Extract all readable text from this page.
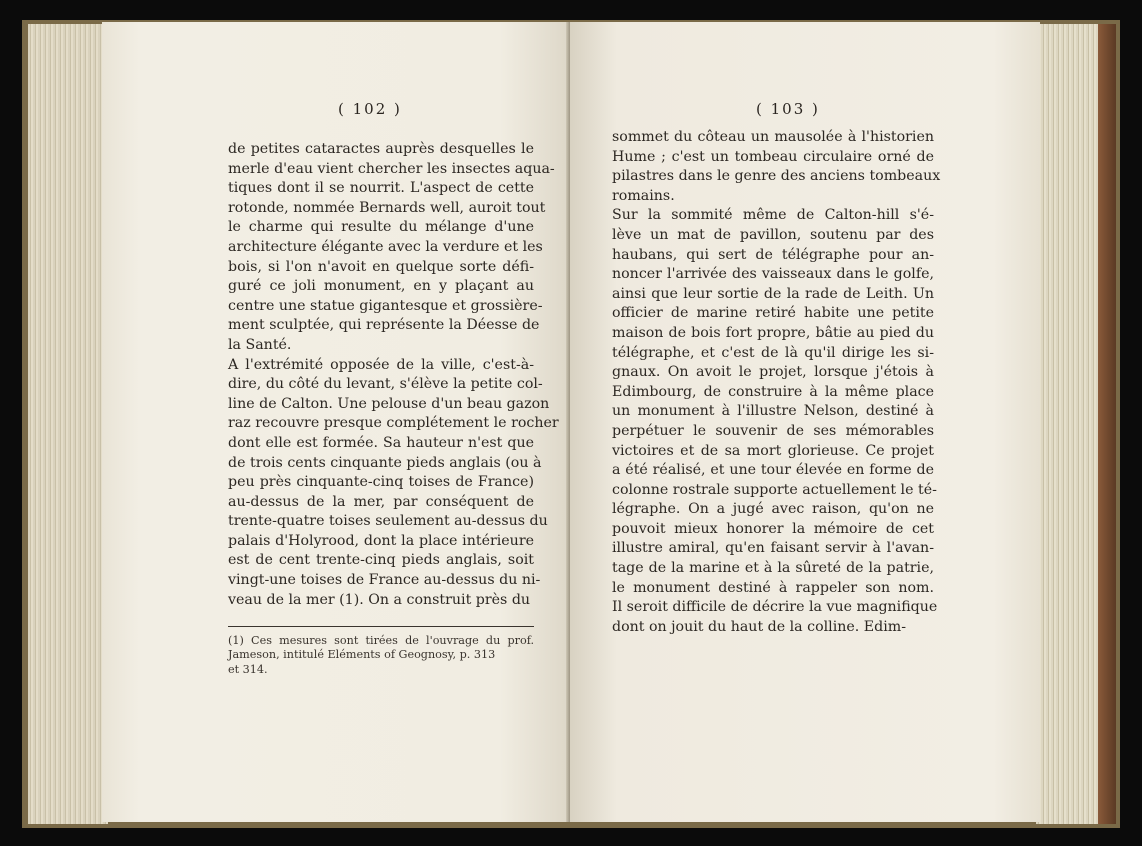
( 102 )
de petites cataractes auprès desquelles le
merle d'eau vient chercher les insectes aqua-
tiques dont il se nourrit. L'aspect de cette
rotonde, nommée Bernards well, auroit tout
le charme qui resulte du mélange d'une
architecture élégante avec la verdure et les
bois, si l'on n'avoit en quelque sorte défi-
guré ce joli monument, en y plaçant au
centre une statue gigantesque et grossière-
ment sculptée, qui représente la Déesse de
la Santé.
A l'extrémité opposée de la ville, c'est-à-
dire, du côté du levant, s'élève la petite col-
line de Calton. Une pelouse d'un beau gazon
raz recouvre presque complétement le rocher
dont elle est formée. Sa hauteur n'est que
de trois cents cinquante pieds anglais (ou à
peu près cinquante-cinq toises de France)
au-dessus de la mer, par conséquent de
trente-quatre toises seulement au-dessus du
palais d'Holyrood, dont la place intérieure
est de cent trente-cinq pieds anglais, soit
vingt-une toises de France au-dessus du ni-
veau de la mer (1). On a construit près du
(1) Ces mesures sont tirées de l'ouvrage du prof.
Jameson, intitulé Eléments of Geognosy, p. 313
et 314.
( 103 )
sommet du côteau un mausolée à l'historien
Hume ; c'est un tombeau circulaire orné de
pilastres dans le genre des anciens tombeaux
romains.
Sur la sommité même de Calton-hill s'é-
lève un mat de pavillon, soutenu par des
haubans, qui sert de télégraphe pour an-
noncer l'arrivée des vaisseaux dans le golfe,
ainsi que leur sortie de la rade de Leith. Un
officier de marine retiré habite une petite
maison de bois fort propre, bâtie au pied du
télégraphe, et c'est de là qu'il dirige les si-
gnaux. On avoit le projet, lorsque j'étois à
Edimbourg, de construire à la même place
un monument à l'illustre Nelson, destiné à
perpétuer le souvenir de ses mémorables
victoires et de sa mort glorieuse. Ce projet
a été réalisé, et une tour élevée en forme de
colonne rostrale supporte actuellement le té-
légraphe. On a jugé avec raison, qu'on ne
pouvoit mieux honorer la mémoire de cet
illustre amiral, qu'en faisant servir à l'avan-
tage de la marine et à la sûreté de la patrie,
le monument destiné à rappeler son nom.
Il seroit difficile de décrire la vue magnifique
dont on jouit du haut de la colline. Edim-
